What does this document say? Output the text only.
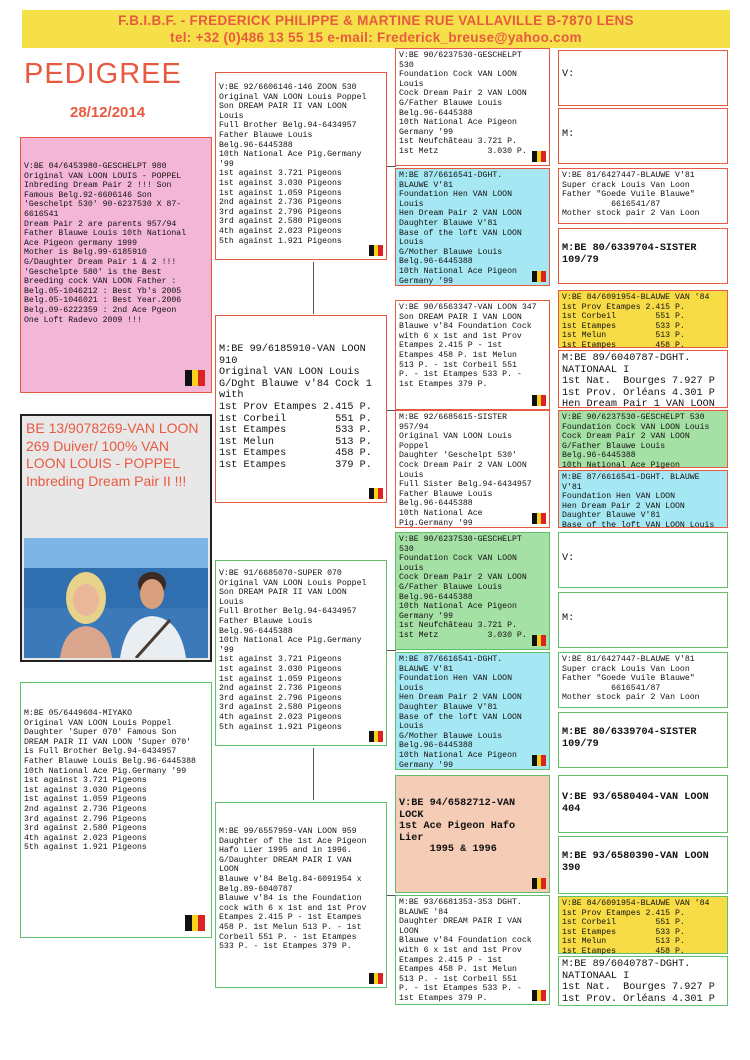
F.B.I.B.F. - FREDERICK PHILIPPE & MARTINE RUE VALLAVILLE B-7870 LENS
tel: +32 (0)486 13 55 15 e-mail: Frederick_breuse@yahoo.com
PEDIGREE
28/12/2014
V:BE 04/6453980-GESCHELPT 980
Original VAN LOON LOUIS - POPPEL
Inbreding Dream Pair 2 !!! Son
Famous Belg.92-6606146 Son
'Geschelpt 530' 90-6237530 X 87-
6616541
Dream Pair 2 are parents 957/94
Father Blauwe Louis 10th National
Ace Pigeon germany 1999
Mother is Belg.99-6185910
G/Daughter Dream Pair 1 & 2 !!!
'Geschelpte 580' is the Best
Breeding cock VAN LOON Father :
Belg.05-1046212 : Best Yb's 2005
Belg.05-1046021 : Best Year.2006
Belg.09-6222359 : 2nd Ace Pgeon
One Loft Radevo 2009 !!!
BE 13/9078269-VAN LOON 269 Duiver/ 100% VAN LOON LOUIS - POPPEL Inbreding Dream Pair II !!!
M:BE 05/6449604-MIYAKO
Original VAN LOON Louis Poppel
Daughter 'Super 070' Famous Son
DREAM PAIR II VAN LOON 'Super 070'
is Full Brother Belg.94-6434957
Father Blauwe Louis Belg.96-6445388
10th National Ace Pig.Germany '99
1st against 3.721 Pigeons
1st against 3.030 Pigeons
1st against 1.059 Pigeons
2nd against 2.736 Pigeons
3rd against 2.796 Pigeons
3rd against 2.580 Pigeons
4th against 2.023 Pigeons
5th against 1.921 Pigeons
V:BE 92/6606146-146 ZOON 530
Original VAN LOON Louis Poppel
Son DREAM PAIR II VAN LOON
Louis
Full Brother Belg.94-6434957
Father Blauwe Louis
Belg.96-6445388
10th National Ace Pig.Germany
'99
1st against 3.721 Pigeons
1st against 3.030 Pigeons
1st against 1.059 Pigeons
2nd against 2.736 Pigeons
3rd against 2.796 Pigeons
3rd against 2.580 Pigeons
4th against 2.023 Pigeons
5th against 1.921 Pigeons
M:BE 99/6185910-VAN LOON
910
Original VAN LOON Louis
G/Dght Blauwe v'84 Cock 1
with
1st Prov Etampes 2.415 P.
1st Corbeil        551 P.
1st Etampes        533 P.
1st Melun          513 P.
1st Etampes        458 P.
1st Etampes        379 P.
V:BE 91/6685070-SUPER 070
Original VAN LOON Louis Poppel
Son DREAM PAIR II VAN LOON
Louis
Full Brother Belg.94-6434957
Father Blauwe Louis
Belg.96-6445388
10th National Ace Pig.Germany
'99
1st against 3.721 Pigeons
1st against 3.030 Pigeons
1st against 1.059 Pigeons
2nd against 2.736 Pigeons
3rd against 2.796 Pigeons
3rd against 2.580 Pigeons
4th against 2.023 Pigeons
5th against 1.921 Pigeons
M:BE 99/6557959-VAN LOON 959
Daughter of the 1st Ace Pigeon
Hafo Lier 1995 and in 1996.
G/Daughter DREAM PAIR I VAN
LOON
Blauwe v'84 Belg.84-6091954 x
Belg.89-6040787
Blauwe v'84 is the Foundation
cock with 6 x 1st and 1st Prov
Etampes 2.415 P - 1st Etampes
458 P. 1st Melun 513 P. - 1st
Corbeil 551 P. - 1st Etampes
533 P. - 1st Etampes 379 P.
V:BE 90/6237530-GESCHELPT
530
Foundation Cock VAN LOON
Louis
Cock Dream Pair 2 VAN LOON
G/Father Blauwe Louis
Belg.96-6445388
10th National Ace Pigeon
Germany '99
1st Neufchâteau 3.721 P.
1st Metz          3.030 P.
M:BE 87/6616541-DGHT.
BLAUWE V'81
Foundation Hen VAN LOON
Louis
Hen Dream Pair 2 VAN LOON
Daughter Blauwe V'81
Base of the loft VAN LOON
Louis
G/Mother Blauwe Louis
Belg.96-6445388
10th National Ace Pigeon
Germany '99
V:BE 90/6563347-VAN LOON 347
Son DREAM PAIR I VAN LOON
Blauwe v'84 Foundation Cock
with 6 x 1st and 1st Prov
Etampes 2.415 P - 1st
Etampes 458 P. 1st Melun
513 P. - 1st Corbeil 551
P. - 1st Etampes 533 P. -
1st Etampes 379 P.
M:BE 92/6685615-SISTER
957/94
Original VAN LOON Louis
Poppel
Daughter 'Geschelpt 530'
Cock Dream Pair 2 VAN LOON
Louis
Full Sister Belg.94-6434957
Father Blauwe Louis
Belg.96-6445388
10th National Ace
Pig.Germany '99
V:BE 90/6237530-GESCHELPT
530
Foundation Cock VAN LOON
Louis
Cock Dream Pair 2 VAN LOON
G/Father Blauwe Louis
Belg.96-6445388
10th National Ace Pigeon
Germany '99
1st Neufchâteau 3.721 P.
1st Metz          3.030 P.
M:BE 87/6616541-DGHT.
BLAUWE V'81
Foundation Hen VAN LOON
Louis
Hen Dream Pair 2 VAN LOON
Daughter Blauwe V'81
Base of the loft VAN LOON
Louis
G/Mother Blauwe Louis
Belg.96-6445388
10th National Ace Pigeon
Germany '99
V:BE 94/6582712-VAN
LOCK
1st Ace Pigeon Hafo
Lier
1995 & 1996
M:BE 93/6681353-353 DGHT.
BLAUWE '84
Daughter DREAM PAIR I VAN
LOON
Blauwe v'84 Foundation cock
with 6 x 1st and 1st Prov
Etampes 2.415 P - 1st
Etampes 458 P. 1st Melun
513 P. - 1st Corbeil 551
P. - 1st Etampes 533 P. -
1st Etampes 379 P.
V:
M:
V:BE 81/6427447-BLAUWE V'81
Super crack Louis Van Loon
Father "Goede Vuile Blauwe"
6616541/87
Mother stock pair 2 Van Loon
M:BE 80/6339704-SISTER
109/79
V:BE 84/6091954-BLAUWE VAN '84
1st Prov Etampes 2.415 P.
1st Corbeil        551 P.
1st Etampes        533 P.
1st Melun          513 P.
1st Etampes        458 P.
M:BE 89/6040787-DGHT.
NATIONAAL I
1st Nat.  Bourges 7.927 P
1st Prov. Orléans 4.301 P
Hen Dream Pair 1 VAN LOON
V:BE 90/6237530-GESCHELPT 530
Foundation Cock VAN LOON Louis
Cock Dream Pair 2 VAN LOON
G/Father Blauwe Louis
Belg.96-6445388
10th National Ace Pigeon
M:BE 87/6616541-DGHT. BLAUWE
V'81
Foundation Hen VAN LOON
Hen Dream Pair 2 VAN LOON
Daughter Blauwe V'81
Base of the loft VAN LOON Louis
V:
M:
V:BE 81/6427447-BLAUWE V'81
Super crack Louis Van Loon
Father "Goede Vuile Blauwe"
6616541/87
Mother stock pair 2 Van Loon
M:BE 80/6339704-SISTER
109/79
V:BE 93/6580404-VAN LOON
404
M:BE 93/6580390-VAN LOON
390
V:BE 84/6091954-BLAUWE VAN '84
1st Prov Etampes 2.415 P.
1st Corbeil        551 P.
1st Etampes        533 P.
1st Melun          513 P.
1st Etampes        458 P.
M:BE 89/6040787-DGHT.
NATIONAAL I
1st Nat.  Bourges 7.927 P
1st Prov. Orléans 4.301 P
